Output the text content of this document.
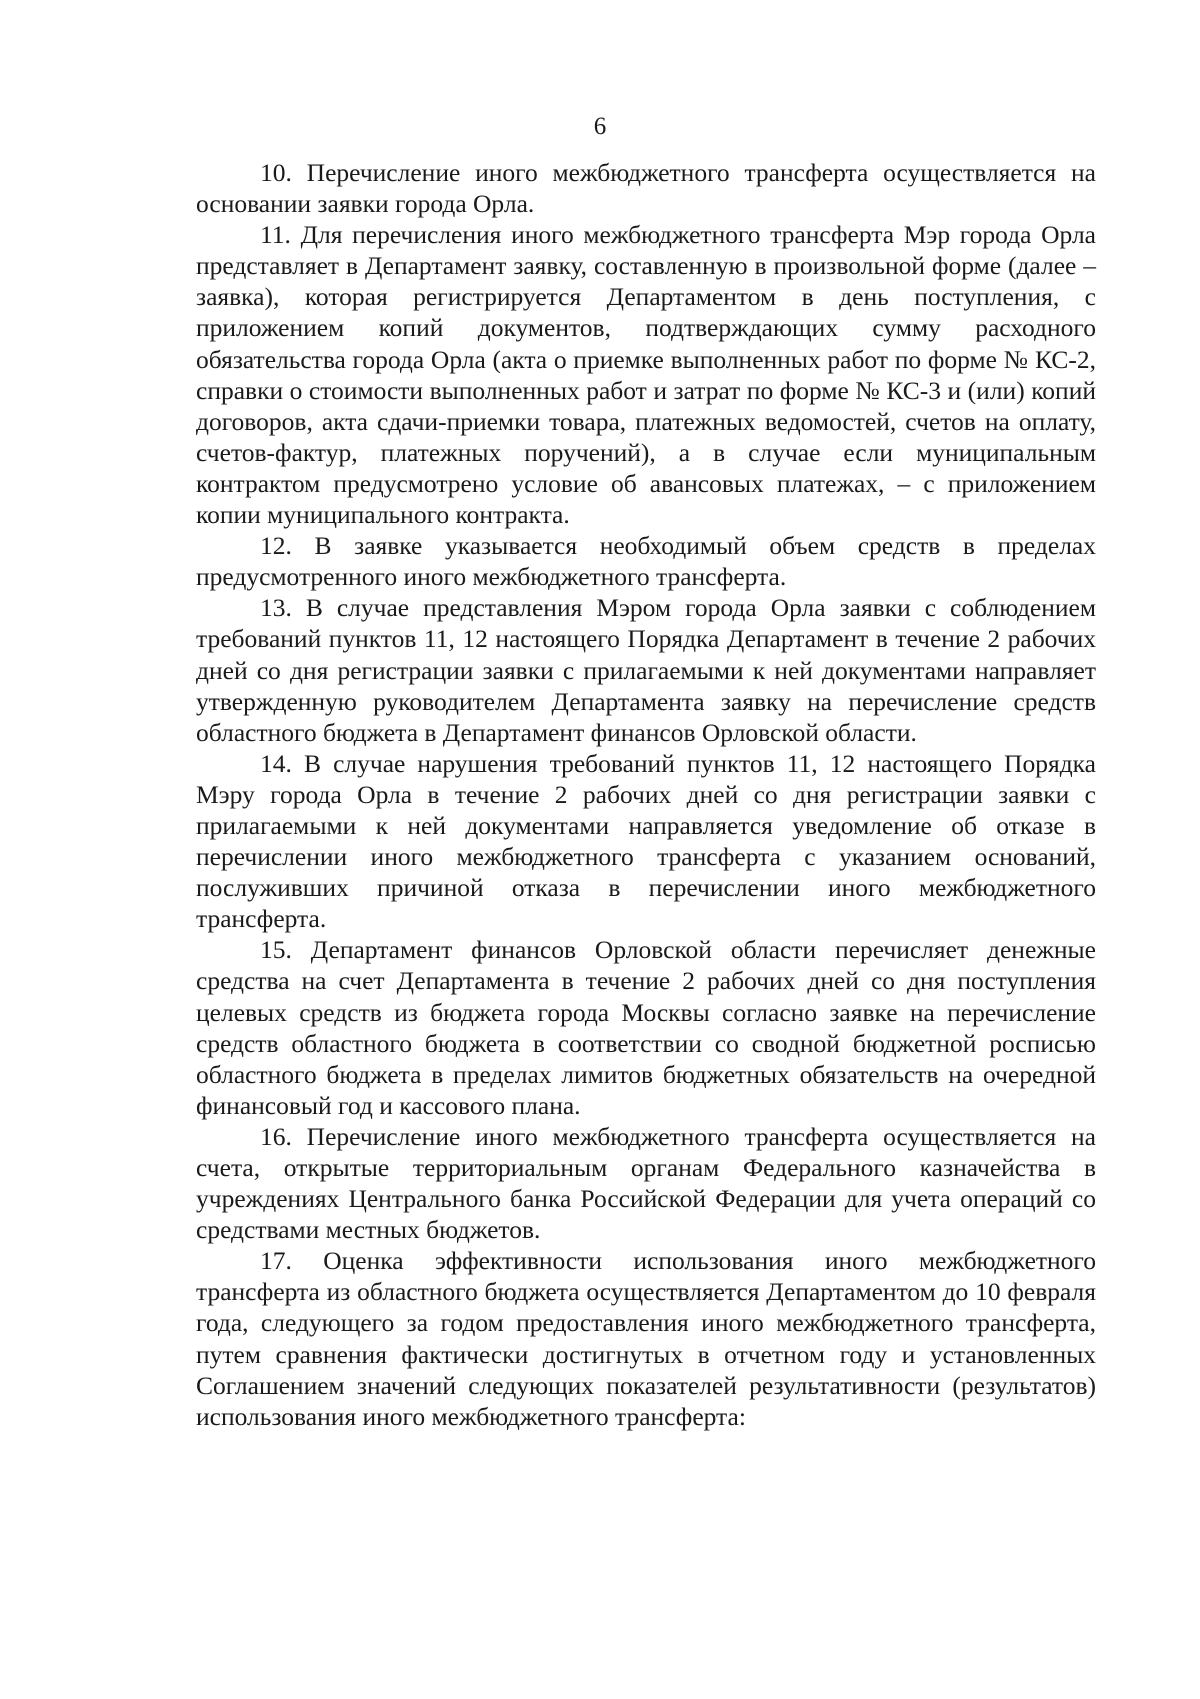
6

10. Перечисление иного межбюджетного трансферта осуществляется на основании заявки города Орла.

11. Для перечисления иного межбюджетного трансферта Мэр города Орла представляет в Департамент заявку, составленную в произвольной форме (далее – заявка), которая регистрируется Департаментом в день поступления, с приложением копий документов, подтверждающих сумму расходного обязательства города Орла (акта о приемке выполненных работ по форме № КС-2, справки о стоимости выполненных работ и затрат по форме № КС-3 и (или) копий договоров, акта сдачи-приемки товара, платежных ведомостей, счетов на оплату, счетов-фактур, платежных поручений), а в случае если муниципальным контрактом предусмотрено условие об авансовых платежах, – с приложением копии муниципального контракта.

12. В заявке указывается необходимый объем средств в пределах предусмотренного иного межбюджетного трансферта.

13. В случае представления Мэром города Орла заявки с соблюдением требований пунктов 11, 12 настоящего Порядка Департамент в течение 2 рабочих дней со дня регистрации заявки с прилагаемыми к ней документами направляет утвержденную руководителем Департамента заявку на перечисление средств областного бюджета в Департамент финансов Орловской области.

14. В случае нарушения требований пунктов 11, 12 настоящего Порядка Мэру города Орла в течение 2 рабочих дней со дня регистрации заявки с прилагаемыми к ней документами направляется уведомление об отказе в перечислении иного межбюджетного трансферта с указанием оснований, послуживших причиной отказа в перечислении иного межбюджетного трансферта.

15. Департамент финансов Орловской области перечисляет денежные средства на счет Департамента в течение 2 рабочих дней со дня поступления целевых средств из бюджета города Москвы согласно заявке на перечисление средств областного бюджета в соответствии со сводной бюджетной росписью областного бюджета в пределах лимитов бюджетных обязательств на очередной финансовый год и кассового плана.

16. Перечисление иного межбюджетного трансферта осуществляется на счета, открытые территориальным органам Федерального казначейства в учреждениях Центрального банка Российской Федерации для учета операций со средствами местных бюджетов.

17. Оценка эффективности использования иного межбюджетного трансферта из областного бюджета осуществляется Департаментом до 10 февраля года, следующего за годом предоставления иного межбюджетного трансферта, путем сравнения фактически достигнутых в отчетном году и установленных Соглашением значений следующих показателей результативности (результатов) использования иного межбюджетного трансферта:
